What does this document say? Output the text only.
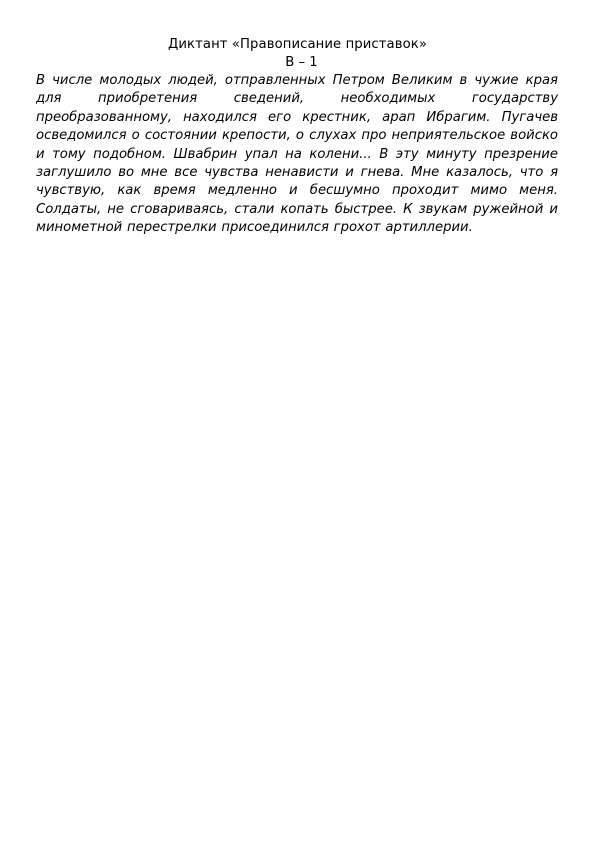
Диктант «Правописание приставок»
В – 1
В числе молодых людей, отправленных Петром Великим в чужие края для приобретения сведений, необходимых государству преобразованному, находился его крестник, арап Ибрагим. Пугачев осведомился о состоянии крепости, о слухах про неприятельское войско и тому подобном. Швабрин упал на колени... В эту минуту презрение заглушило во мне все чувства ненависти и гнева. Мне казалось, что я чувствую, как время медленно и бесшумно проходит мимо меня. Солдаты, не сговариваясь, стали копать быстрее. К звукам ружейной и минометной перестрелки присоединился грохот артиллерии.
